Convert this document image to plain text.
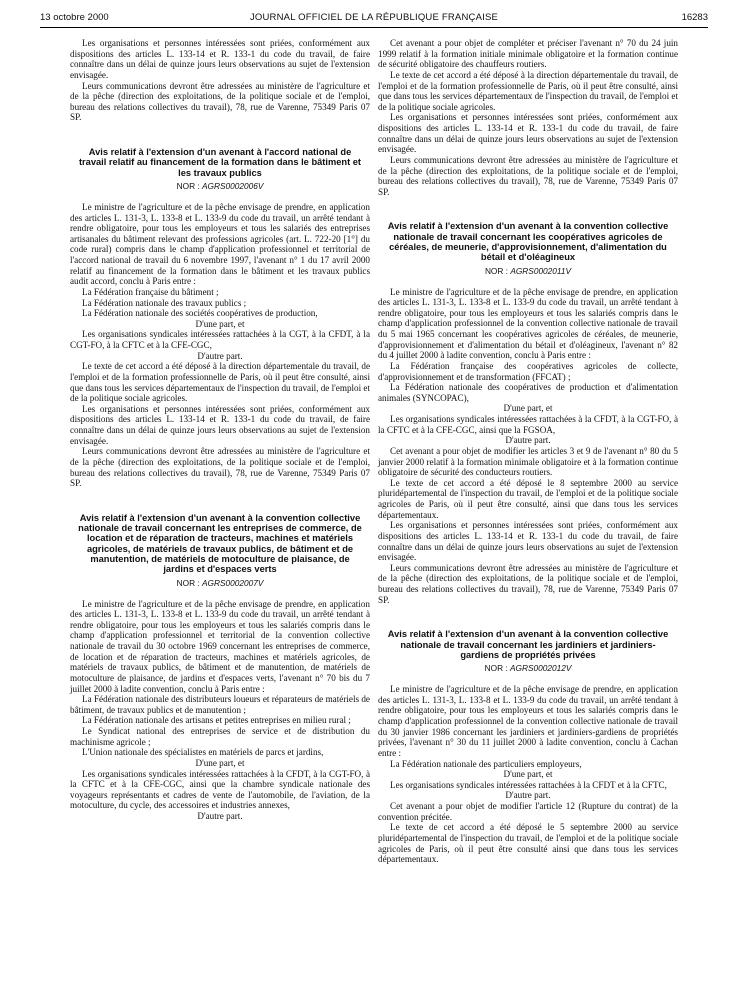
13 octobre 2000	JOURNAL OFFICIEL DE LA RÉPUBLIQUE FRANÇAISE	16283

Les organisations et personnes intéressées sont priées, conformément aux dispositions des articles L. 133-14 et R. 133-1 du code du travail, de faire connaître dans un délai de quinze jours leurs observations au sujet de l'extension envisagée.

Leurs communications devront être adressées au ministère de l'agriculture et de la pêche (direction des exploitations, de la politique sociale et de l'emploi, bureau des relations collectives du travail), 78, rue de Varenne, 75349 Paris 07 SP.

Avis relatif à l'extension d'un avenant à l'accord national de travail relatif au financement de la formation dans le bâtiment et les travaux publics
NOR : AGRS0002006V

Le ministre de l'agriculture et de la pêche envisage de prendre, en application des articles L. 131-3, L. 133-8 et L. 133-9 du code du travail, un arrêté tendant à rendre obligatoire, pour tous les employeurs et tous les salariés des entreprises artisanales du bâtiment relevant des professions agricoles (art. L. 722-20 [1°] du code rural) compris dans le champ d'application professionnel et territorial de l'accord national de travail du 6 novembre 1997, l'avenant n° 1 du 17 avril 2000 relatif au financement de la formation dans le bâtiment et les travaux publics audit accord, conclu à Paris entre :

La Fédération française du bâtiment ;

La Fédération nationale des travaux publics ;

La Fédération nationale des sociétés coopératives de production,

D'une part, et

Les organisations syndicales intéressées rattachées à la CGT, à la CFDT, à la CGT-FO, à la CFTC et à la CFE-CGC,

D'autre part.

Le texte de cet accord a été déposé à la direction départementale du travail, de l'emploi et de la formation professionnelle de Paris, où il peut être consulté, ainsi que dans tous les services départementaux de l'inspection du travail, de l'emploi et de la politique sociale agricoles.

Les organisations et personnes intéressées sont priées, conformément aux dispositions des articles L. 133-14 et R. 133-1 du code du travail, de faire connaître dans un délai de quinze jours leurs observations au sujet de l'extension envisagée.

Leurs communications devront être adressées au ministère de l'agriculture et de la pêche (direction des exploitations, de la politique sociale et de l'emploi, bureau des relations collectives du travail), 78, rue de Varenne, 75349 Paris 07 SP.

Avis relatif à l'extension d'un avenant à la convention collective nationale de travail concernant les entreprises de commerce, de location et de réparation de tracteurs, machines et matériels agricoles, de matériels de travaux publics, de bâtiment et de manutention, de matériels de motoculture de plaisance, de jardins et d'espaces verts
NOR : AGRS0002007V

Le ministre de l'agriculture et de la pêche envisage de prendre, en application des articles L. 131-3, L. 133-8 et L. 133-9 du code du travail, un arrêté tendant à rendre obligatoire, pour tous les employeurs et tous les salariés compris dans le champ d'application professionnel et territorial de la convention collective nationale de travail du 30 octobre 1969 concernant les entreprises de commerce, de location et de réparation de tracteurs, machines et matériels agricoles, de matériels de travaux publics, de bâtiment et de manutention, de matériels de motoculture de plaisance, de jardins et d'espaces verts, l'avenant n° 70 bis du 7 juillet 2000 à ladite convention, conclu à Paris entre :

La Fédération nationale des distributeurs loueurs et réparateurs de matériels de bâtiment, de travaux publics et de manutention ;

La Fédération nationale des artisans et petites entreprises en milieu rural ;

Le Syndicat national des entreprises de service et de distribution du machinisme agricole ;

L'Union nationale des spécialistes en matériels de parcs et jardins,

D'une part, et

Les organisations syndicales intéressées rattachées à la CFDT, à la CGT-FO, à la CFTC et à la CFE-CGC, ainsi que la chambre syndicale nationale des voyageurs représentants et cadres de vente de l'automobile, de l'aviation, de la motoculture, du cycle, des accessoires et industries annexes,

D'autre part.

Cet avenant a pour objet de compléter et préciser l'avenant n° 70 du 24 juin 1999 relatif à la formation initiale minimale obligatoire et la formation continue de sécurité obligatoire des chauffeurs routiers.

Le texte de cet accord a été déposé à la direction départementale du travail, de l'emploi et de la formation professionnelle de Paris, où il peut être consulté, ainsi que dans tous les services départementaux de l'inspection du travail, de l'emploi et de la politique sociale agricoles.

Les organisations et personnes intéressées sont priées, conformément aux dispositions des articles L. 133-14 et R. 133-1 du code du travail, de faire connaître dans un délai de quinze jours leurs observations au sujet de l'extension envisagée.

Leurs communications devront être adressées au ministère de l'agriculture et de la pêche (direction des exploitations, de la politique sociale et de l'emploi, bureau des relations collectives du travail), 78, rue de Varenne, 75349 Paris 07 SP.

Avis relatif à l'extension d'un avenant à la convention collective nationale de travail concernant les coopératives agricoles de céréales, de meunerie, d'approvisionnement, d'alimentation du bétail et d'oléagineux
NOR : AGRS0002011V

Le ministre de l'agriculture et de la pêche envisage de prendre, en application des articles L. 131-3, L. 133-8 et L. 133-9 du code du travail, un arrêté tendant à rendre obligatoire, pour tous les employeurs et tous les salariés compris dans le champ d'application professionnel de la convention collective nationale de travail du 5 mai 1965 concernant les coopératives agricoles de céréales, de meunerie, d'approvisionnement et d'alimentation du bétail et d'oléagineux, l'avenant n° 82 du 4 juillet 2000 à ladite convention, conclu à Paris entre :

La Fédération française des coopératives agricoles de collecte, d'approvisionnement et de transformation (FFCAT) ;

La Fédération nationale des coopératives de production et d'alimentation animales (SYNCOPAC),

D'une part, et

Les organisations syndicales intéressées rattachées à la CFDT, à la CGT-FO, à la CFTC et à la CFE-CGC, ainsi que la FGSOA,

D'autre part.

Cet avenant a pour objet de modifier les articles 3 et 9 de l'avenant n° 80 du 5 janvier 2000 relatif à la formation minimale obligatoire et à la formation continue obligatoire de sécurité des conducteurs routiers.

Le texte de cet accord a été déposé le 8 septembre 2000 au service pluridépartemental de l'inspection du travail, de l'emploi et de la politique sociale agricoles de Paris, où il peut être consulté, ainsi que dans tous les services départementaux.

Les organisations et personnes intéressées sont priées, conformément aux dispositions des articles L. 133-14 et R. 133-1 du code du travail, de faire connaître dans un délai de quinze jours leurs observations au sujet de l'extension envisagée.

Leurs communications devront être adressées au ministère de l'agriculture et de la pêche (direction des exploitations, de la politique sociale et de l'emploi, bureau des relations collectives du travail), 78, rue de Varenne, 75349 Paris 07 SP.

Avis relatif à l'extension d'un avenant à la convention collective nationale de travail concernant les jardiniers et jardiniers-gardiens de propriétés privées
NOR : AGRS0002012V

Le ministre de l'agriculture et de la pêche envisage de prendre, en application des articles L. 131-3, L. 133-8 et L. 133-9 du code du travail, un arrêté tendant à rendre obligatoire, pour tous les employeurs et tous les salariés compris dans le champ d'application professionnel de la convention collective nationale de travail du 30 janvier 1986 concernant les jardiniers et jardiniers-gardiens de propriétés privées, l'avenant n° 30 du 11 juillet 2000 à ladite convention, conclu à Cachan entre :

La Fédération nationale des particuliers employeurs,

D'une part, et

Les organisations syndicales intéressées rattachées à la CFDT et à la CFTC,

D'autre part.

Cet avenant a pour objet de modifier l'article 12 (Rupture du contrat) de la convention précitée.

Le texte de cet accord a été déposé le 5 septembre 2000 au service pluridépartemental de l'inspection du travail, de l'emploi et de la politique sociale agricoles de Paris, où il peut être consulté ainsi que dans tous les services départementaux.
